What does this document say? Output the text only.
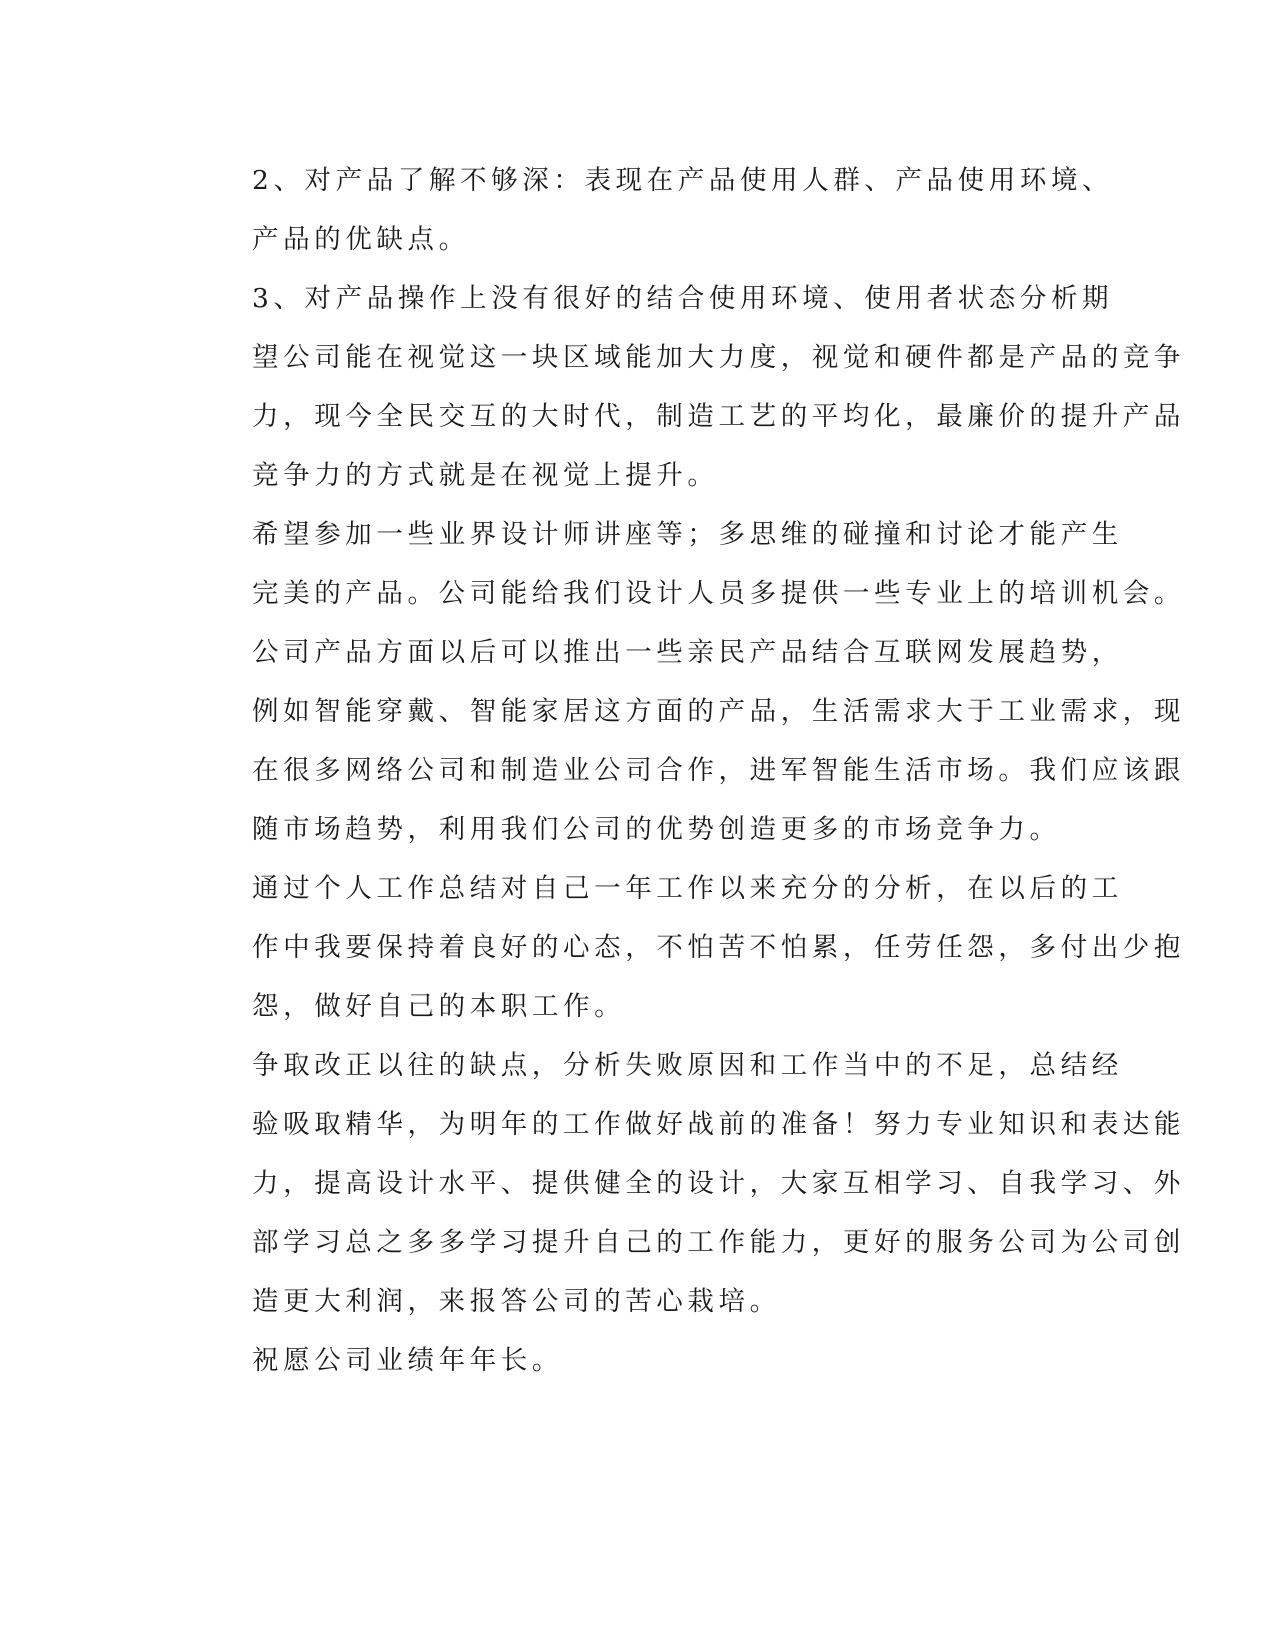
2、对产品了解不够深：表现在产品使用人群、产品使用环境、
产品的优缺点。

3、对产品操作上没有很好的结合使用环境、使用者状态分析期
望公司能在视觉这一块区域能加大力度，视觉和硬件都是产品的竞争
力，现今全民交互的大时代，制造工艺的平均化，最廉价的提升产品
竞争力的方式就是在视觉上提升。

希望参加一些业界设计师讲座等；多思维的碰撞和讨论才能产生
完美的产品。公司能给我们设计人员多提供一些专业上的培训机会。

公司产品方面以后可以推出一些亲民产品结合互联网发展趋势，
例如智能穿戴、智能家居这方面的产品，生活需求大于工业需求，现
在很多网络公司和制造业公司合作，进军智能生活市场。我们应该跟
随市场趋势，利用我们公司的优势创造更多的市场竞争力。

通过个人工作总结对自己一年工作以来充分的分析，在以后的工
作中我要保持着良好的心态，不怕苦不怕累，任劳任怨，多付出少抱
怨，做好自己的本职工作。

争取改正以往的缺点，分析失败原因和工作当中的不足，总结经
验吸取精华，为明年的工作做好战前的准备！努力专业知识和表达能
力，提高设计水平、提供健全的设计，大家互相学习、自我学习、外
部学习总之多多学习提升自己的工作能力，更好的服务公司为公司创
造更大利润，来报答公司的苦心栽培。

祝愿公司业绩年年长。
